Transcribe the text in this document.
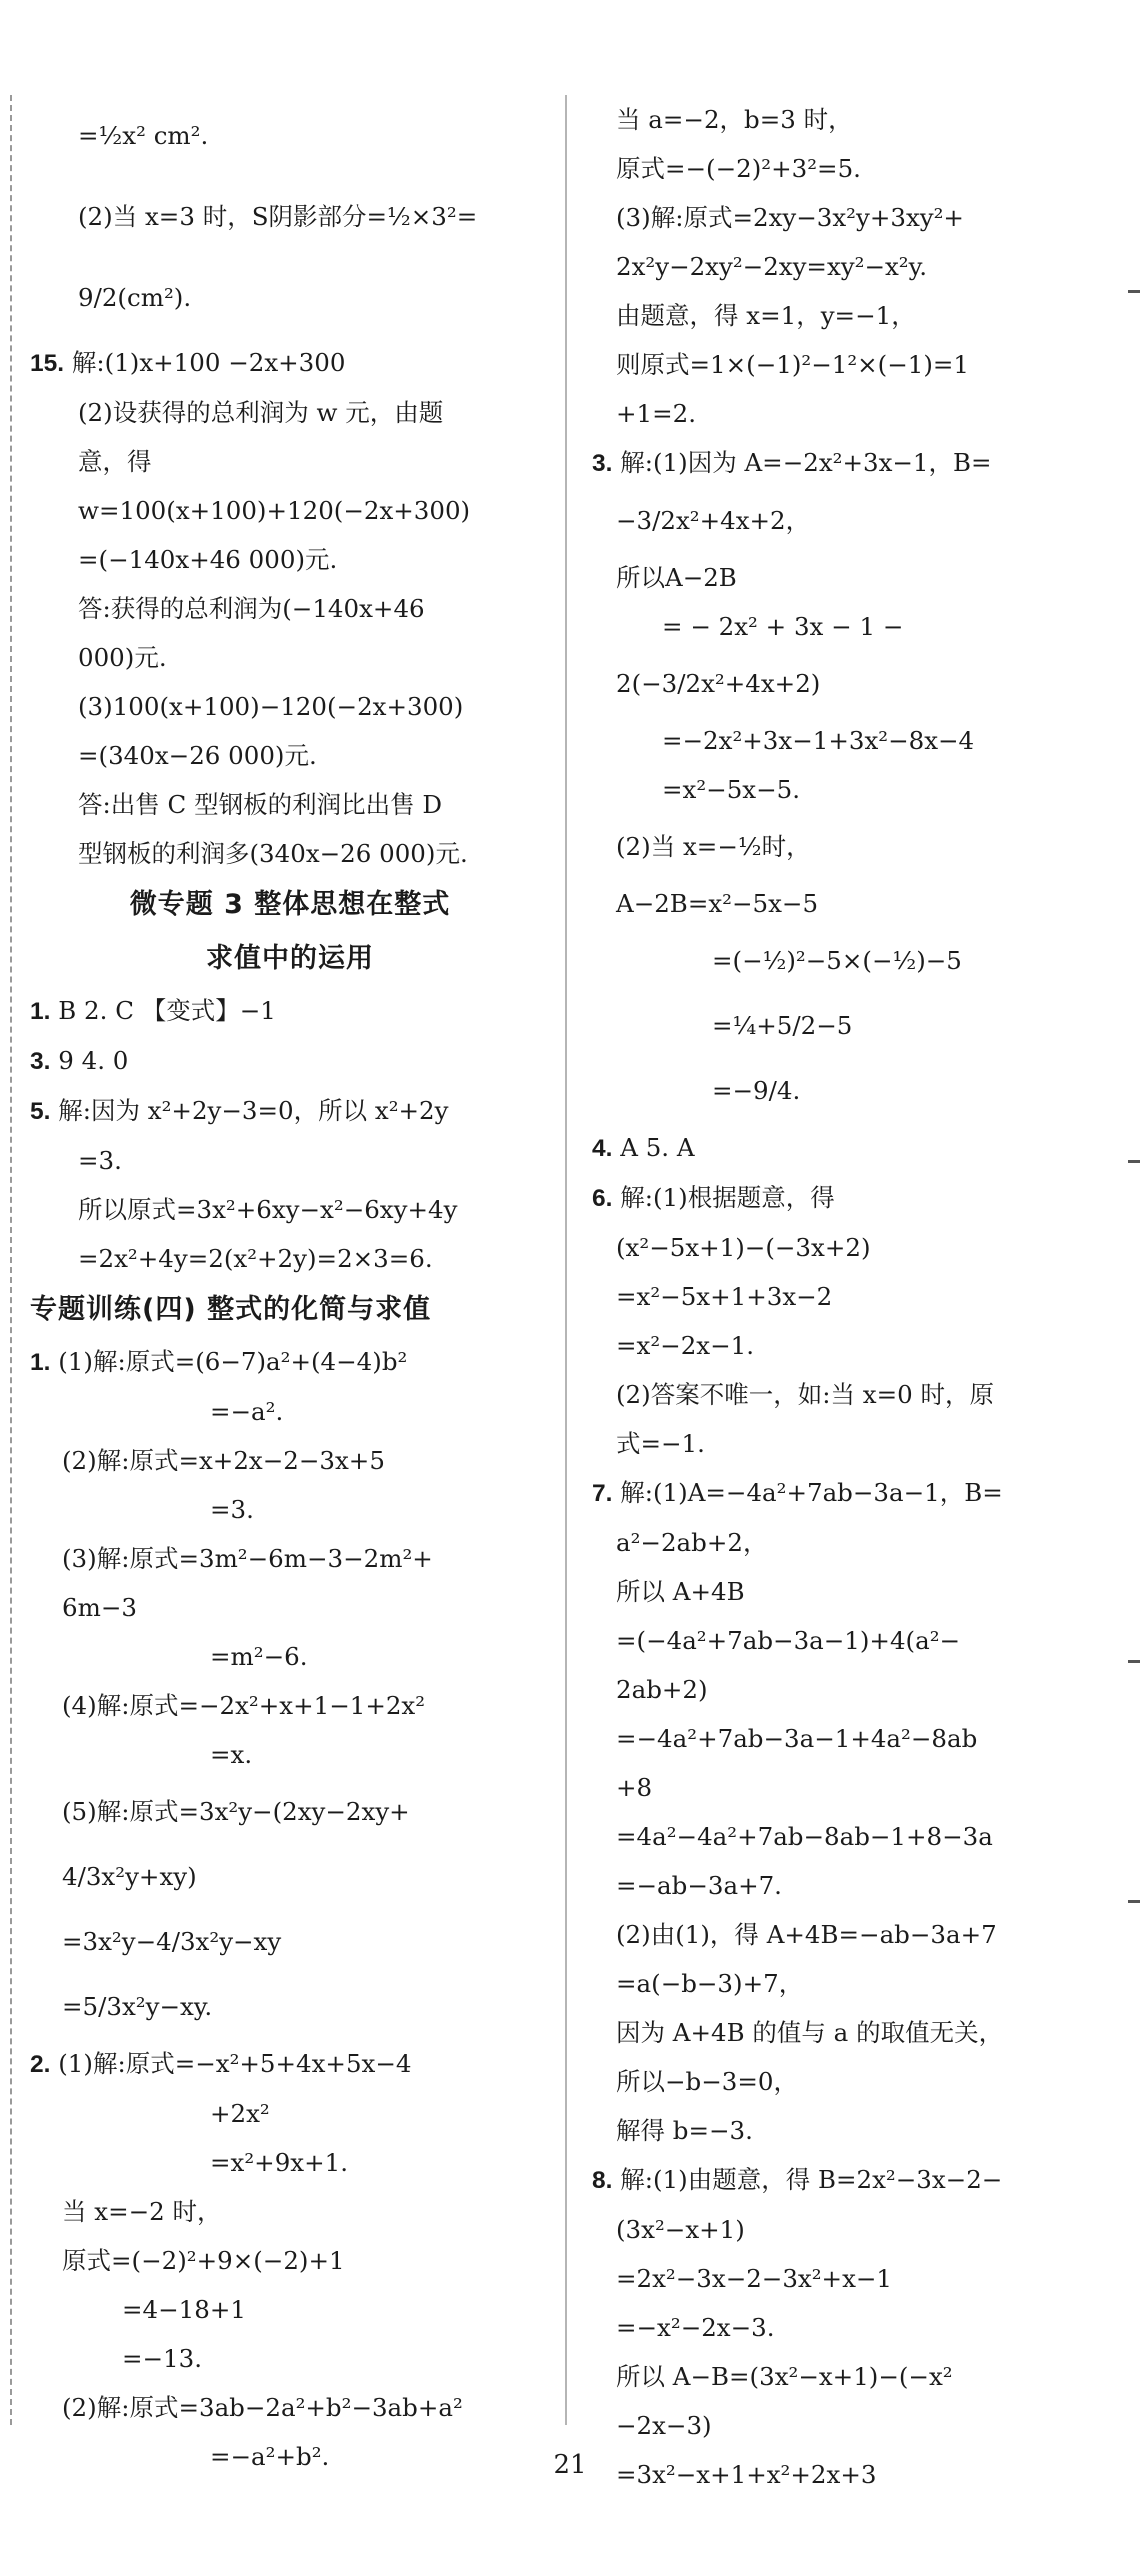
=½x² cm².
(2)当 x=3 时，S阴影部分=½×3²=
9/2(cm²).
15. 解:(1)x+100 −2x+300
(2)设获得的总利润为 w 元，由题
意，得
w=100(x+100)+120(−2x+300)
=(−140x+46 000)元.
答:获得的总利润为(−140x+46
000)元.
(3)100(x+100)−120(−2x+300)
=(340x−26 000)元.
答:出售 C 型钢板的利润比出售 D
型钢板的利润多(340x−26 000)元.
微专题 3 整体思想在整式
求值中的运用
1. B 2. C 【变式】−1
3. 9 4. 0
5. 解:因为 x²+2y−3=0，所以 x²+2y
=3.
所以原式=3x²+6xy−x²−6xy+4y
=2x²+4y=2(x²+2y)=2×3=6.
专题训练(四) 整式的化简与求值
1. (1)解:原式=(6−7)a²+(4−4)b²
=−a².
(2)解:原式=x+2x−2−3x+5
=3.
(3)解:原式=3m²−6m−3−2m²+
6m−3
=m²−6.
(4)解:原式=−2x²+x+1−1+2x²
=x.
(5)解:原式=3x²y−(2xy−2xy+
4/3x²y+xy)
=3x²y−4/3x²y−xy
=5/3x²y−xy.
2. (1)解:原式=−x²+5+4x+5x−4
+2x²
=x²+9x+1.
当 x=−2 时，
原式=(−2)²+9×(−2)+1
=4−18+1
=−13.
(2)解:原式=3ab−2a²+b²−3ab+a²
=−a²+b².
当 a=−2，b=3 时，
原式=−(−2)²+3²=5.
(3)解:原式=2xy−3x²y+3xy²+
2x²y−2xy²−2xy=xy²−x²y.
由题意，得 x=1，y=−1，
则原式=1×(−1)²−1²×(−1)=1
+1=2.
3. 解:(1)因为 A=−2x²+3x−1，B=
−3/2x²+4x+2，
所以A−2B
= − 2x² + 3x − 1 −
2(−3/2x²+4x+2)
=−2x²+3x−1+3x²−8x−4
=x²−5x−5.
(2)当 x=−½时，
A−2B=x²−5x−5
=(−½)²−5×(−½)−5
=¼+5/2−5
=−9/4.
4. A 5. A
6. 解:(1)根据题意，得
(x²−5x+1)−(−3x+2)
=x²−5x+1+3x−2
=x²−2x−1.
(2)答案不唯一，如:当 x=0 时，原
式=−1.
7. 解:(1)A=−4a²+7ab−3a−1，B=
a²−2ab+2，
所以 A+4B
=(−4a²+7ab−3a−1)+4(a²−
2ab+2)
=−4a²+7ab−3a−1+4a²−8ab
+8
=4a²−4a²+7ab−8ab−1+8−3a
=−ab−3a+7.
(2)由(1)，得 A+4B=−ab−3a+7
=a(−b−3)+7，
因为 A+4B 的值与 a 的取值无关，
所以−b−3=0，
解得 b=−3.
8. 解:(1)由题意，得 B=2x²−3x−2−
(3x²−x+1)
=2x²−3x−2−3x²+x−1
=−x²−2x−3.
所以 A−B=(3x²−x+1)−(−x²
−2x−3)
=3x²−x+1+x²+2x+3
21
